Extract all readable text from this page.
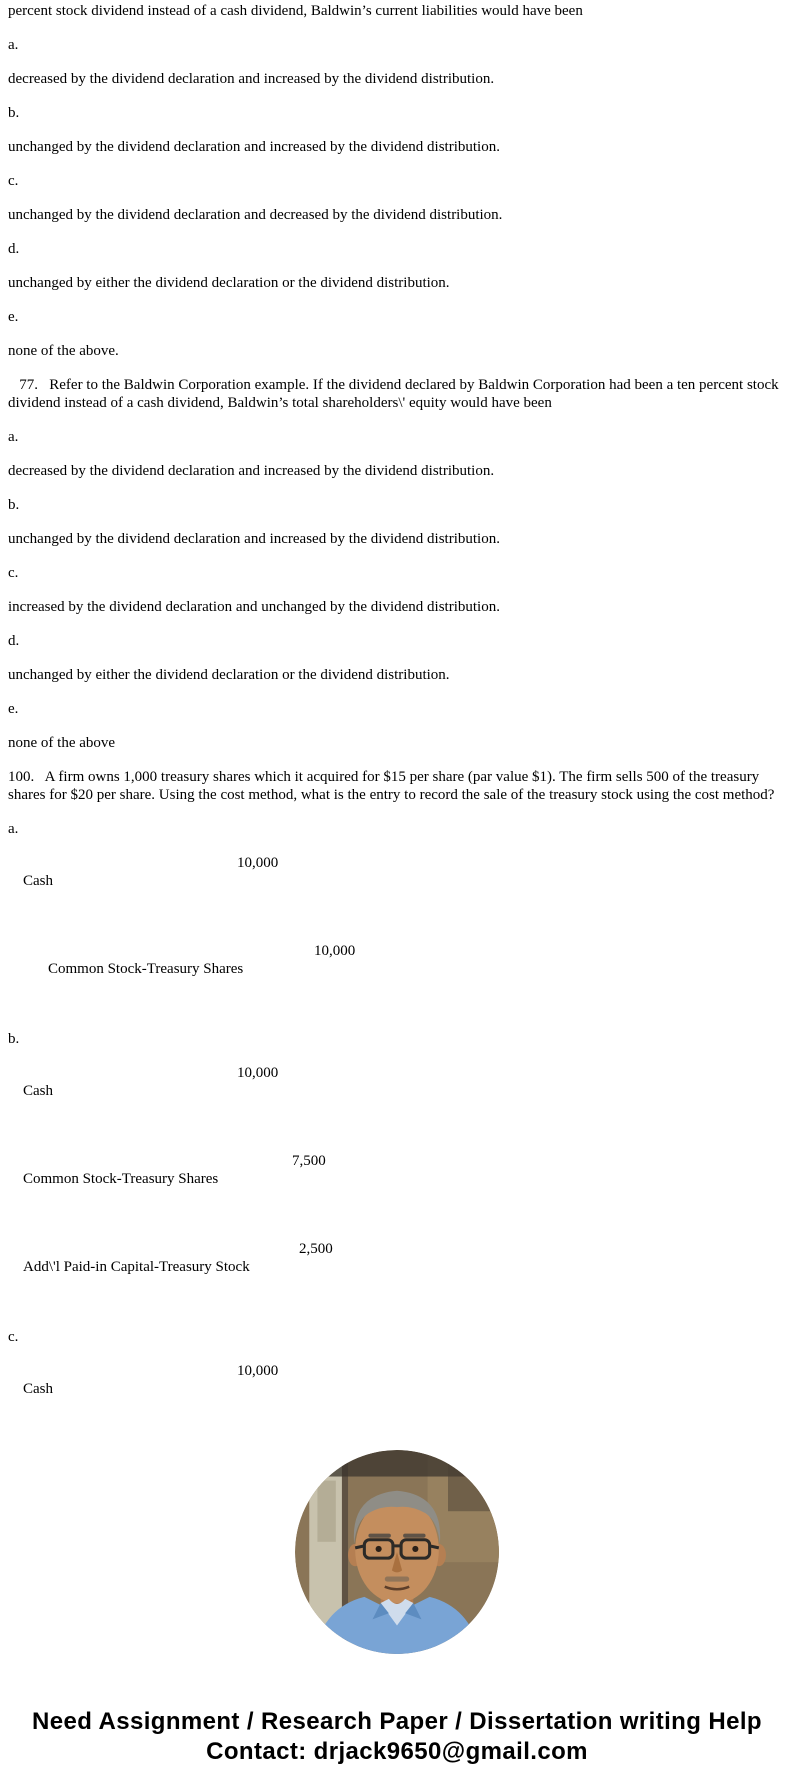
percent stock dividend instead of a cash dividend, Baldwin’s current liabilities would have been

a.

decreased by the dividend declaration and increased by the dividend distribution.

b.

unchanged by the dividend declaration and increased by the dividend distribution.

c.

unchanged by the dividend declaration and decreased by the dividend distribution.

d.

unchanged by either the dividend declaration or the dividend distribution.

e.

none of the above.

77.   Refer to the Baldwin Corporation example. If the dividend declared by Baldwin Corporation had been a ten percent stock dividend instead of a cash dividend, Baldwin’s total shareholders\' equity would have been

a.

decreased by the dividend declaration and increased by the dividend distribution.

b.

unchanged by the dividend declaration and increased by the dividend distribution.

c.

increased by the dividend declaration and unchanged by the dividend distribution.

d.

unchanged by either the dividend declaration or the dividend distribution.

e.

none of the above

100.   A firm owns 1,000 treasury shares which it acquired for $15 per share (par value $1). The firm sells 500 of the treasury shares for $20 per share. Using the cost method, what is the entry to record the sale of the treasury stock using the cost method?

a.

Cash

10,000

Common Stock-Treasury Shares

10,000

b.

Cash

10,000

Common Stock-Treasury Shares

7,500

Add\'l Paid-in Capital-Treasury Stock

2,500

c.

Cash

10,000

Need Assignment / Research Paper / Dissertation writing Help
Contact: drjack9650@gmail.com
